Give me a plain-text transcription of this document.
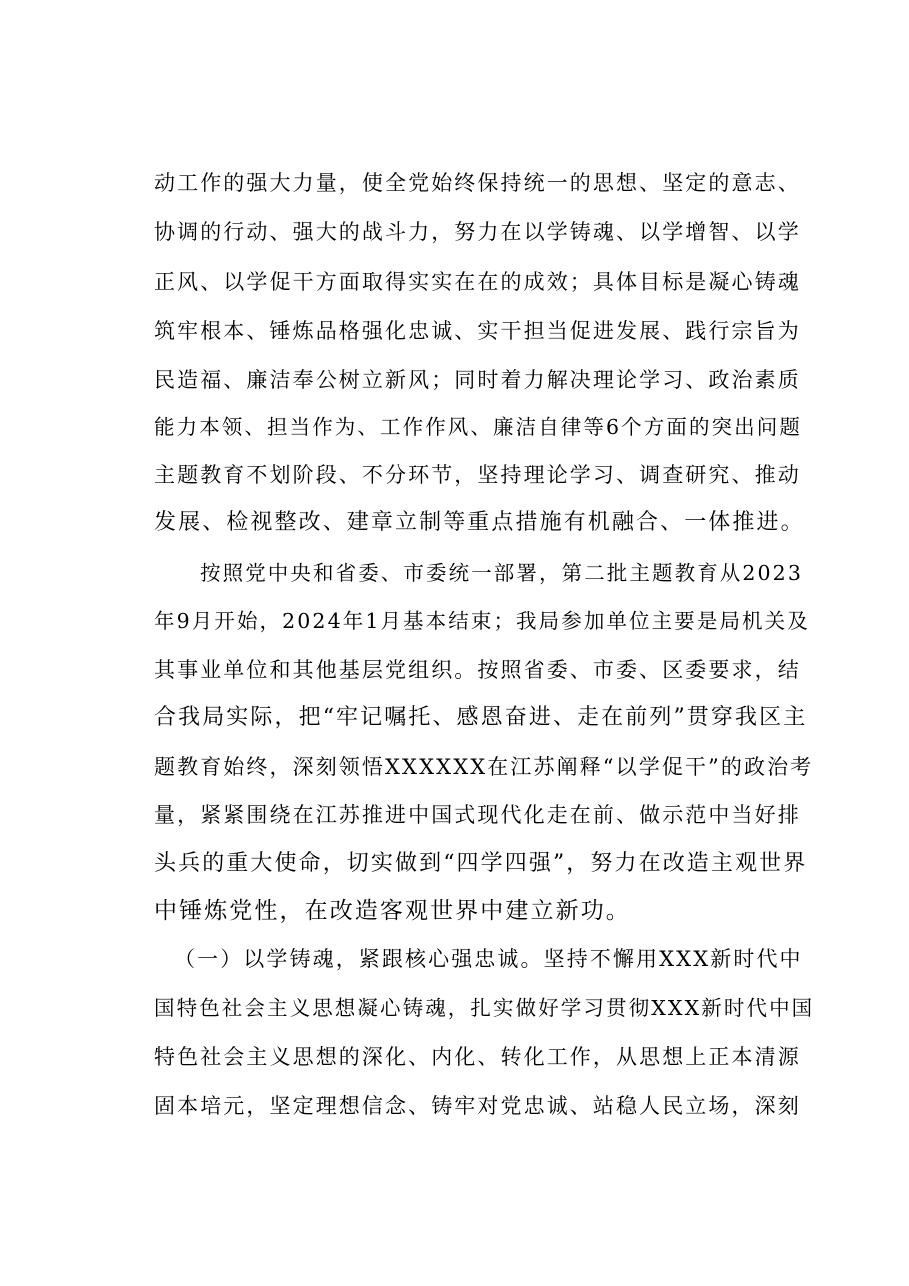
动工作的强大力量，使全党始终保持统一的思想、坚定的意志、
协调的行动、强大的战斗力，努力在以学铸魂、以学增智、以学
正风、以学促干方面取得实实在在的成效；具体目标是凝心铸魂
筑牢根本、锤炼品格强化忠诚、实干担当促进发展、践行宗旨为
民造福、廉洁奉公树立新风；同时着力解决理论学习、政治素质
能力本领、担当作为、工作作风、廉洁自律等6个方面的突出问题
主题教育不划阶段、不分环节，坚持理论学习、调查研究、推动
发展、检视整改、建章立制等重点措施有机融合、一体推进。
按照党中央和省委、市委统一部署，第二批主题教育从2023
年9月开始，2024年1月基本结束；我局参加单位主要是局机关及
其事业单位和其他基层党组织。按照省委、市委、区委要求，结
合我局实际，把“牢记嘱托、感恩奋进、走在前列”贯穿我区主
题教育始终，深刻领悟XXXXXX在江苏阐释“以学促干”的政治考
量，紧紧围绕在江苏推进中国式现代化走在前、做示范中当好排
头兵的重大使命，切实做到“四学四强”，努力在改造主观世界
中锤炼党性，在改造客观世界中建立新功。
（一）以学铸魂，紧跟核心强忠诚。坚持不懈用XXX新时代中
国特色社会主义思想凝心铸魂，扎实做好学习贯彻XXX新时代中国
特色社会主义思想的深化、内化、转化工作，从思想上正本清源
固本培元，坚定理想信念、铸牢对党忠诚、站稳人民立场，深刻
